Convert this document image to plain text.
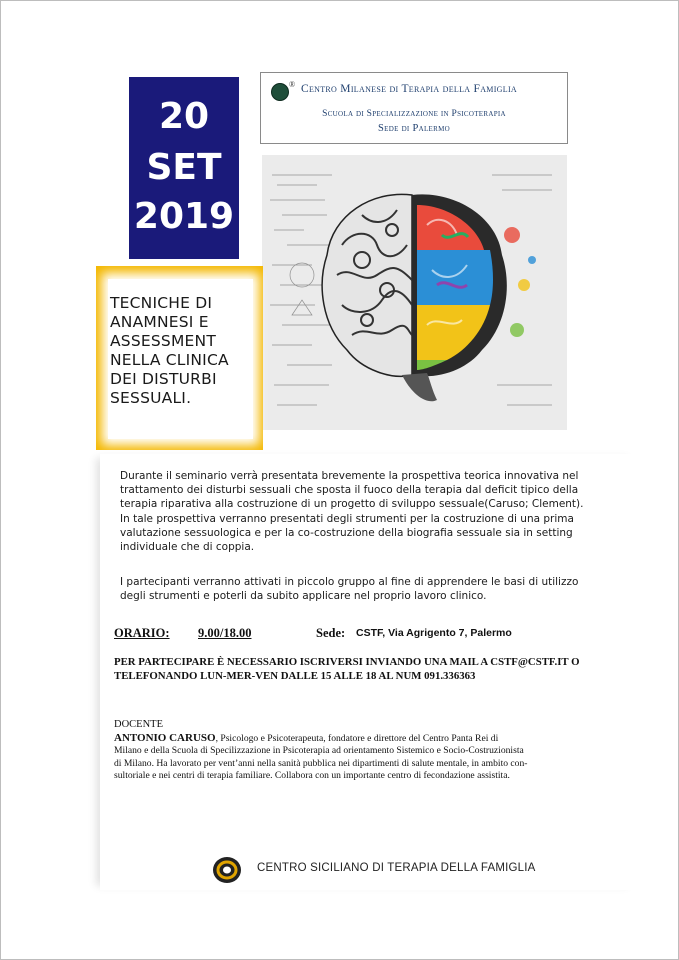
® Centro Milanese di Terapia della Famiglia
Scuola di Specializzazione in Psicoterapia
Sede di Palermo
20
SET
2019
TECNICHE DI
ANAMNESI E
ASSESSMENT
NELLA CLINICA
DEI DISTURBI
SESSUALI.
Durante il seminario verrà presentata brevemente la prospettiva teorica innovativa nel
trattamento dei disturbi sessuali che sposta il fuoco della terapia dal deficit tipico della
terapia riparativa alla costruzione di un progetto di sviluppo sessuale(Caruso; Clement).
In tale prospettiva verranno presentati degli strumenti per la costruzione di una prima
valutazione sessuologica e per la co-costruzione della biografia sessuale sia in setting
individuale che di coppia.
I partecipanti verranno attivati in piccolo gruppo al fine di apprendere le basi di utilizzo
degli strumenti e poterli da subito applicare nel proprio lavoro clinico.
ORARIO: 9.00/18.00	Sede: CSTF, Via Agrigento 7, Palermo
PER PARTECIPARE È NECESSARIO ISCRIVERSI INVIANDO UNA MAIL A CSTF@CSTF.IT O
TELEFONANDO LUN-MER-VEN DALLE 15 ALLE 18 AL NUM 091.336363
DOCENTE
ANTONIO CARUSO, Psicologo e Psicoterapeuta, fondatore e direttore del Centro Panta Rei di
Milano e della Scuola di Specilizzazione in Psicoterapia ad orientamento Sistemico e Socio-Costruzionista
di Milano. Ha lavorato per vent’anni nella sanità pubblica nei dipartimenti di salute mentale, in ambito con-
sultoriale e nei centri di terapia familiare. Collabora con un importante centro di fecondazione assistita.
CENTRO SICILIANO DI TERAPIA DELLA FAMIGLIA
